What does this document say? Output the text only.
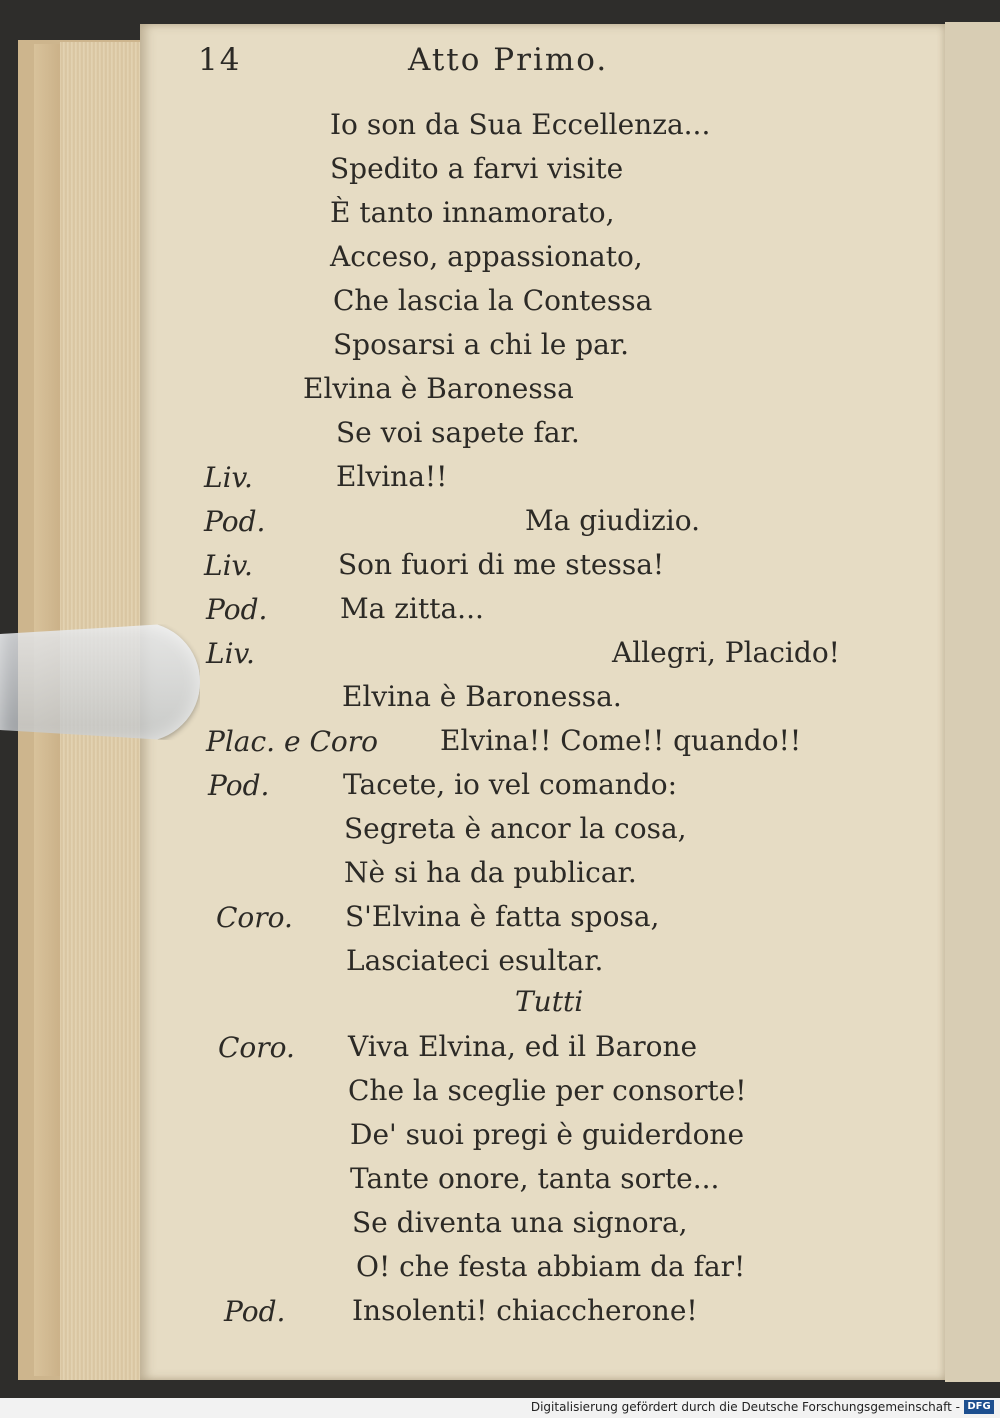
14	Atto Primo.
Io son da Sua Eccellenza...
Spedito a farvi visite
È tanto innamorato,
Acceso, appassionato,
Che lascia la Contessa
Sposarsi a chi le par.
Elvina è Baronessa
Se voi sapete far.
Liv.	Elvina!!
Pod.	Ma giudizio.
Liv.	Son fuori di me stessa!
Pod.	Ma zitta...
Liv.	Allegri, Placido!
Elvina è Baronessa.
Plac. e Coro Elvina!! Come!! quando!!
Pod.	Tacete, io vel comando:
Segreta è ancor la cosa,
Nè si ha da publicar.
Coro. S'Elvina è fatta sposa,
Lasciateci esultar.
Tutti
Coro. Viva Elvina, ed il Barone
Che la sceglie per consorte!
De' suoi pregi è guiderdone
Tante onore, tanta sorte...
Se diventa una signora,
O! che festa abbiam da far!
Pod. Insolenti! chiaccherone!
Digitalisierung gefördert durch die Deutsche Forschungsgemeinschaft - DFG
